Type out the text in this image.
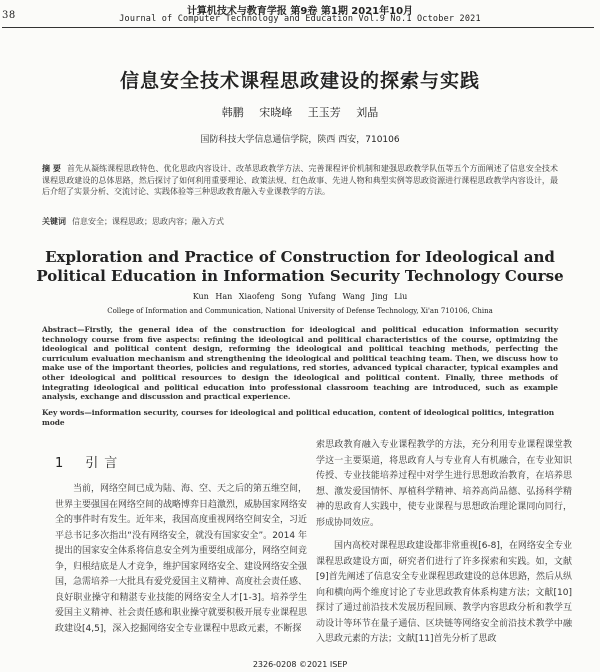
38	计算机技术与教育学报 第9卷 第1期 2021年10月
Journal of Computer Technology and Education Vol.9 No.1 October 2021
信息安全技术课程思政建设的探索与实践
韩鹏 宋晓峰 王玉芳 刘晶
国防科技大学信息通信学院，陕西 西安，710106
摘 要 首先从凝练课程思政特色、优化思政内容设计、改革思政教学方法、完善课程评价机制和建强思政教学队伍等五个方面阐述了信息安全技术课程思政建设的总体思路，然后探讨了如何利用重要理论、政策法规、红色故事、先进人物和典型实例等思政资源进行课程思政教学内容设计，最后介绍了实景分析、交流讨论、实践体验等三种思政教育融入专业课教学的方法。
关键词 信息安全；课程思政；思政内容；融入方式
Exploration and Practice of Construction for Ideological and
Political Education in Information Security Technology Course
Kun Han Xiaofeng Song Yufang Wang Jing Liu
College of Information and Communication, National University of Defense Technology, Xi'an 710106, China
Abstract—Firstly, the general idea of the construction for ideological and political education information security technology course from five aspects: refining the ideological and political characteristics of the course, optimizing the ideological and political content design, reforming the ideological and political teaching methods, perfecting the curriculum evaluation mechanism and strengthening the ideological and political teaching team. Then, we discuss how to make use of the important theories, policies and regulations, red stories, advanced typical character, typical examples and other ideological and political resources to design the ideological and political content. Finally, three methods of integrating ideological and political education into professional classroom teaching are introduced, such as example analysis, exchange and discussion and practical experience.
Key words—information security, courses for ideological and political education, content of ideological politics, integration mode
1 引言

当前，网络空间已成为陆、海、空、天之后的第五维空间，世界主要强国在网络空间的战略博弈日趋激烈，威胁国家网络安全的事件时有发生。近年来，我国高度重视网络空间安全，习近平总书记多次指出“没有网络安全，就没有国家安全”。2014 年提出的国家安全体系将信息安全列为重要组成部分，网络空间竞争，归根结底是人才竞争，维护国家网络安全、建设网络安全强国，急需培养一大批具有爱党爱国主义精神、高度社会责任感、良好职业操守和精湛专业技能的网络安全人才[1-3]。培养学生爱国主义精神、社会责任感和职业操守就要积极开展专业课程思政建设[4,5]，深入挖掘网络安全专业课程中思政元素，不断探

索思政教育融入专业课程教学的方法，充分利用专业课程课堂教学这一主要渠道，将思政育人与专业育人有机融合，在专业知识传授、专业技能培养过程中对学生进行思想政治教育，在培养思想、激发爱国情怀、厚植科学精神、培养高尚品德、弘扬科学精神的思政育人实践中，使专业课程与思想政治理论课同向同行，形成协同效应。

国内高校对课程思政建设都非常重视[6-8]，在网络安全专业课程思政建设方面，研究者们进行了许多探索和实践。如，文献[9]首先阐述了信息安全专业课程思政建设的总体思路，然后从纵向和横向两个维度讨论了专业思政教育体系构建方法；文献[10]探讨了通过前沿技术发展历程回顾、教学内容思政分析和教学互动设计等环节在量子通信、区块链等网络安全前沿技术教学中融入思政元素的方法；文献[11]首先分析了思政

2326-0208 ©2021 ISEP
